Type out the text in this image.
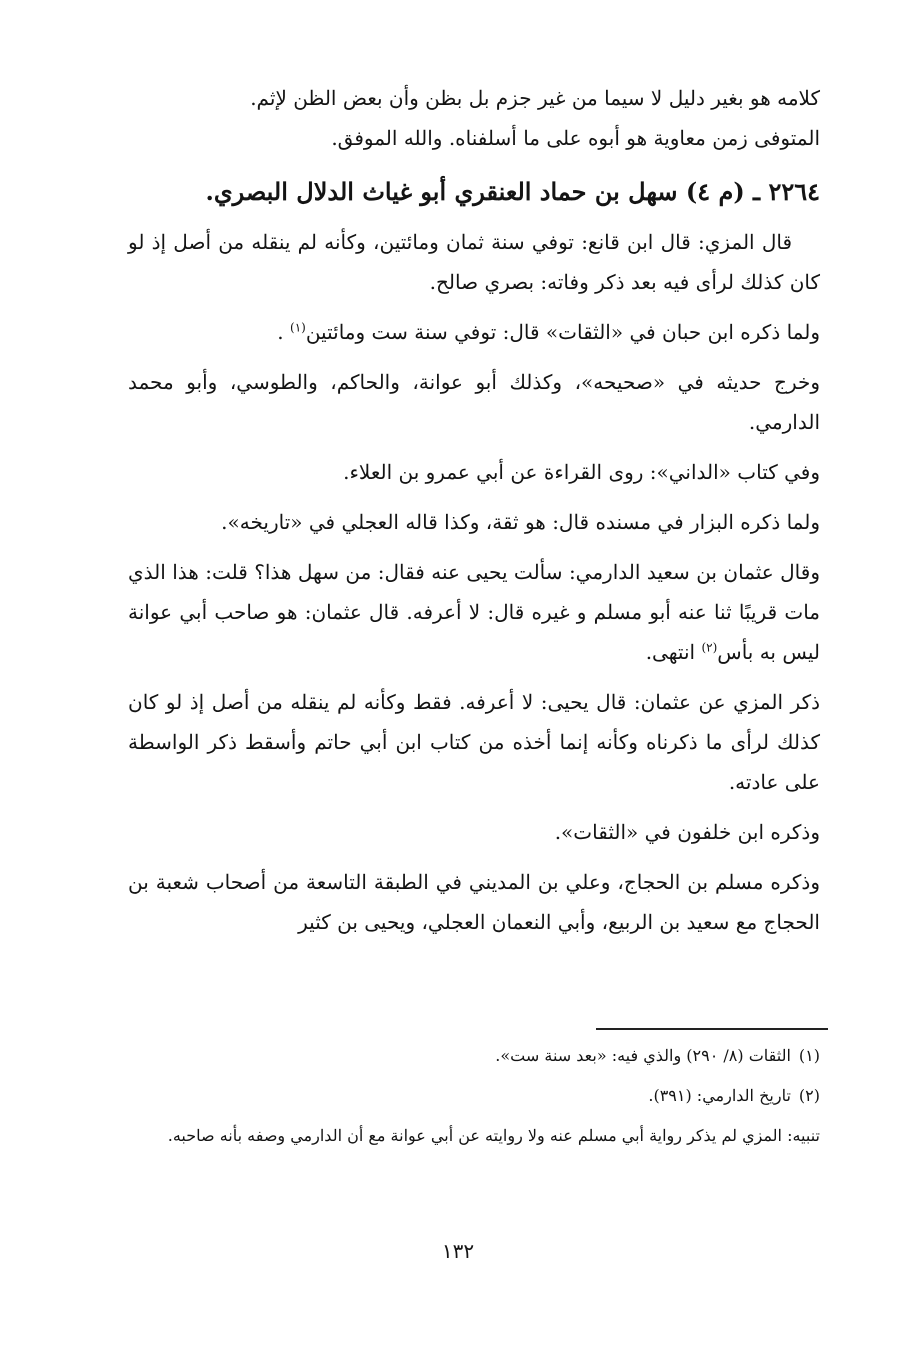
كلامه هو بغير دليل لا سيما من غير جزم بل بظن وأن بعض الظن لإثم.

المتوفى زمن معاوية هو أبوه على ما أسلفناه. والله الموفق.

٢٢٦٤ ـ (م ٤) سهل بن حماد العنقري أبو غياث الدلال البصري.

قال المزي: قال ابن قانع: توفي سنة ثمان ومائتين، وكأنه لم ينقله من أصل إذ لو كان كذلك لرأى فيه بعد ذكر وفاته: بصري صالح.

ولما ذكره ابن حبان في «الثقات» قال: توفي سنة ست ومائتين$^{(١)}$ .

وخرج حديثه في «صحيحه»، وكذلك أبو عوانة، والحاكم، والطوسي، وأبو محمد الدارمي.

وفي كتاب «الداني»: روى القراءة عن أبي عمرو بن العلاء.

ولما ذكره البزار في مسنده قال: هو ثقة، وكذا قاله العجلي في «تاريخه».

وقال عثمان بن سعيد الدارمي: سألت يحيى عنه فقال: من سهل هذا؟ قلت: هذا الذي مات قريبًا ثنا عنه أبو مسلم و غيره قال: لا أعرفه. قال عثمان: هو صاحب أبي عوانة ليس به بأس$^{(٢)}$ انتهى.

ذكر المزي عن عثمان: قال يحيى: لا أعرفه. فقط وكأنه لم ينقله من أصل إذ لو كان كذلك لرأى ما ذكرناه وكأنه إنما أخذه من كتاب ابن أبي حاتم وأسقط ذكر الواسطة على عادته.

وذكره ابن خلفون في «الثقات».

وذكره مسلم بن الحجاج، وعلي بن المديني في الطبقة التاسعة من أصحاب شعبة بن الحجاج مع سعيد بن الربيع، وأبي النعمان العجلي، ويحيى بن كثير

(١)الثقات (٨/ ٢٩٠) والذي فيه: «بعد سنة ست».

(٢)تاريخ الدارمي: (٣٩١).

تنبيه: المزي لم يذكر رواية أبي مسلم عنه ولا روايته عن أبي عوانة مع أن الدارمي وصفه بأنه صاحبه.

١٣٢
